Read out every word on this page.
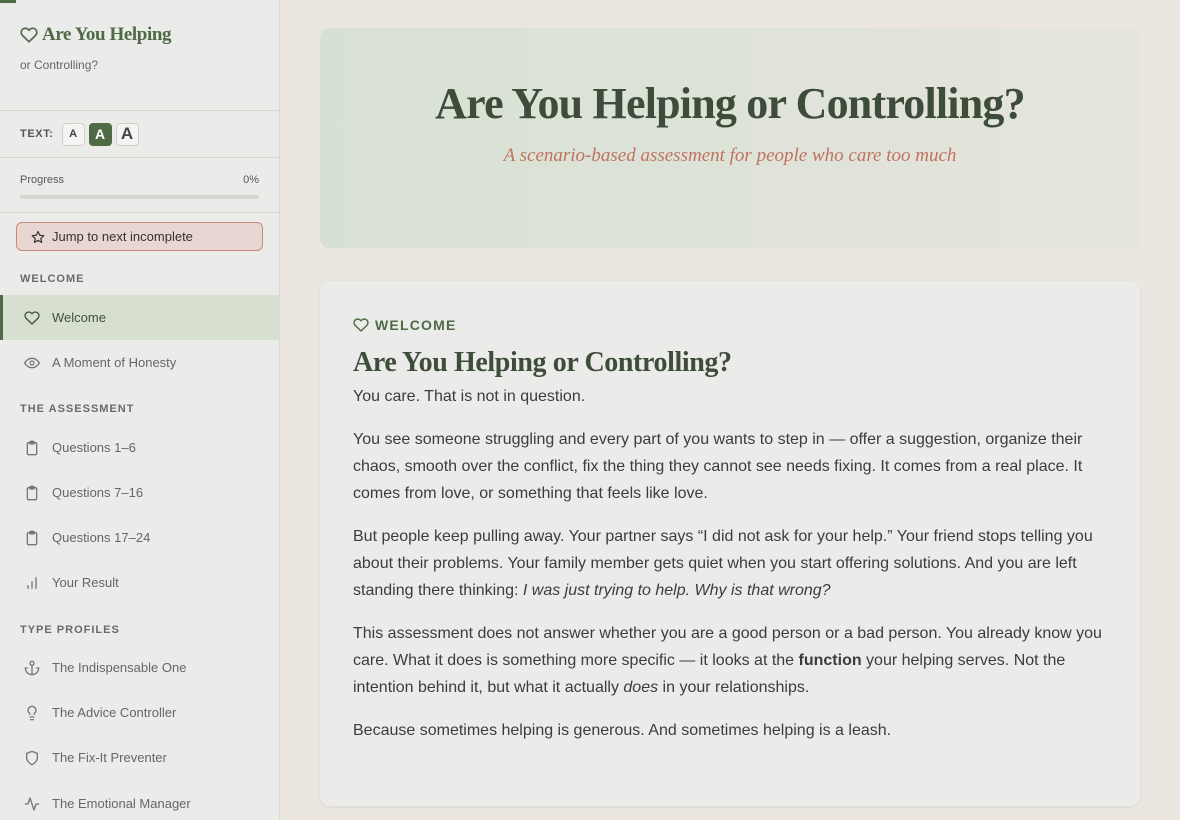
Are You Helping
or Controlling?
TEXT:	A	A A
Progress	0%
Jump to next incomplete
WELCOME
Welcome
A Moment of Honesty
THE ASSESSMENT
Questions 1–6
Questions 7–16
Questions 17–24
Your Result
TYPE PROFILES
The Indispensable One
The Advice Controller
The Fix-It Preventer
The Emotional Manager
Are You Helping or Controlling?

A scenario-based assessment for people who care too much

WELCOME
Are You Helping or Controlling?
You care. That is not in question.
You see someone struggling and every part of you wants to step in — offer a suggestion, organize their chaos, smooth over the conflict, fix the thing they cannot see needs fixing. It comes from a real place. It comes from love, or something that feels like love.
But people keep pulling away. Your partner says “I did not ask for your help.” Your friend stops telling you about their problems. Your family member gets quiet when you start offering solutions. And you are left standing there thinking: I was just trying to help. Why is that wrong?
This assessment does not answer whether you are a good person or a bad person. You already know you care. What it does is something more specific — it looks at the function your helping serves. Not the intention behind it, but what it actually does in your relationships.
Because sometimes helping is generous. And sometimes helping is a leash.
